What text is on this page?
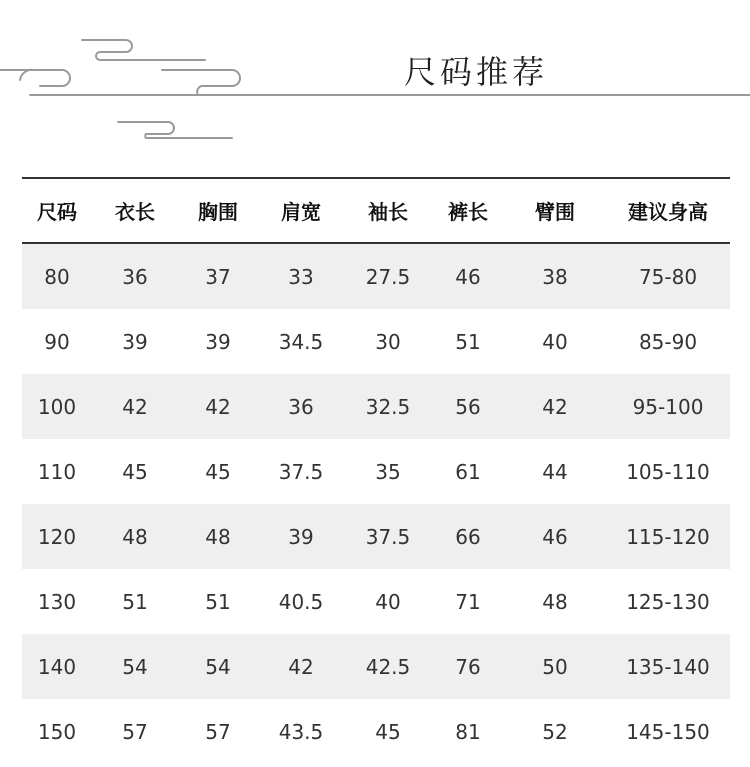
尺码推荐
尺码	衣长	胸围	肩宽	袖长	裤长	臂围	建议身高
80	36	37	33	27.5	46	38	75-80
90	39	39	34.5	30	51	40	85-90
100	42	42	36	32.5	56	42	95-100
110	45	45	37.5	35	61	44	105-110
120	48	48	39	37.5	66	46	115-120
130	51	51	40.5	40	71	48	125-130
140	54	54	42	42.5	76	50	135-140
150	57	57	43.5	45	81	52	145-150
